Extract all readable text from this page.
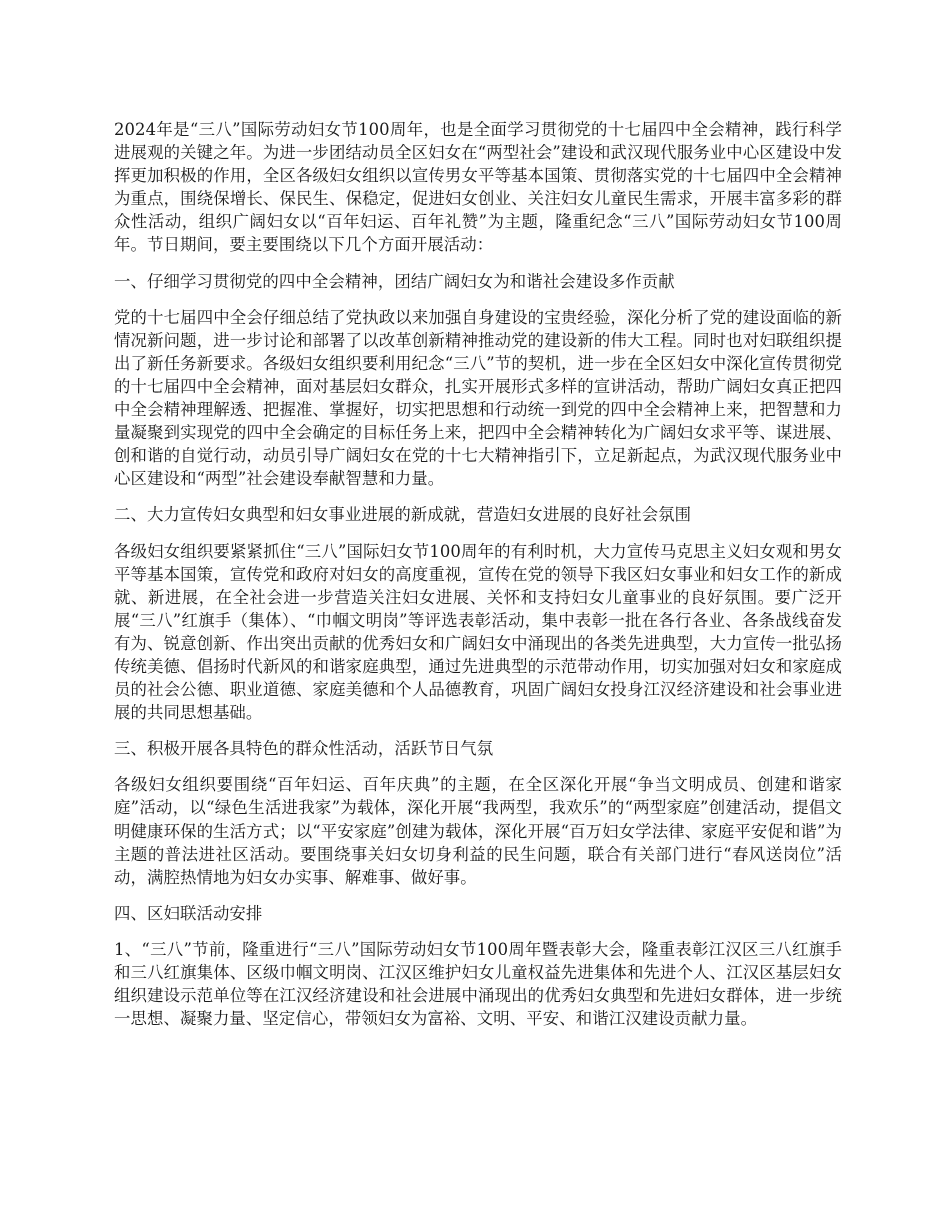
2024年是“三八”国际劳动妇女节100周年，也是全面学习贯彻党的十七届四中全会精神，践行科学进展观的关键之年。为进一步团结动员全区妇女在“两型社会”建设和武汉现代服务业中心区建设中发挥更加积极的作用，全区各级妇女组织以宣传男女平等基本国策、贯彻落实党的十七届四中全会精神为重点，围绕保增长、保民生、保稳定，促进妇女创业、关注妇女儿童民生需求，开展丰富多彩的群众性活动，组织广阔妇女以“百年妇运、百年礼赞”为主题，隆重纪念“三八”国际劳动妇女节100周年。节日期间，要主要围绕以下几个方面开展活动：

一、仔细学习贯彻党的四中全会精神，团结广阔妇女为和谐社会建设多作贡献

党的十七届四中全会仔细总结了党执政以来加强自身建设的宝贵经验，深化分析了党的建设面临的新情况新问题，进一步讨论和部署了以改革创新精神推动党的建设新的伟大工程。同时也对妇联组织提出了新任务新要求。各级妇女组织要利用纪念“三八”节的契机，进一步在全区妇女中深化宣传贯彻党的十七届四中全会精神，面对基层妇女群众，扎实开展形式多样的宣讲活动，帮助广阔妇女真正把四中全会精神理解透、把握准、掌握好，切实把思想和行动统一到党的四中全会精神上来，把智慧和力量凝聚到实现党的四中全会确定的目标任务上来，把四中全会精神转化为广阔妇女求平等、谋进展、创和谐的自觉行动，动员引导广阔妇女在党的十七大精神指引下，立足新起点，为武汉现代服务业中心区建设和“两型”社会建设奉献智慧和力量。

二、大力宣传妇女典型和妇女事业进展的新成就，营造妇女进展的良好社会氛围

各级妇女组织要紧紧抓住“三八”国际妇女节100周年的有利时机，大力宣传马克思主义妇女观和男女平等基本国策，宣传党和政府对妇女的高度重视，宣传在党的领导下我区妇女事业和妇女工作的新成就、新进展，在全社会进一步营造关注妇女进展、关怀和支持妇女儿童事业的良好氛围。要广泛开展“三八”红旗手（集体）、“巾帼文明岗”等评选表彰活动，集中表彰一批在各行各业、各条战线奋发有为、锐意创新、作出突出贡献的优秀妇女和广阔妇女中涌现出的各类先进典型，大力宣传一批弘扬传统美德、倡扬时代新风的和谐家庭典型，通过先进典型的示范带动作用，切实加强对妇女和家庭成员的社会公德、职业道德、家庭美德和个人品德教育，巩固广阔妇女投身江汉经济建设和社会事业进展的共同思想基础。

三、积极开展各具特色的群众性活动，活跃节日气氛

各级妇女组织要围绕“百年妇运、百年庆典”的主题，在全区深化开展“争当文明成员、创建和谐家庭”活动，以“绿色生活进我家”为载体，深化开展“我两型，我欢乐”的“两型家庭”创建活动，提倡文明健康环保的生活方式；以“平安家庭”创建为载体，深化开展“百万妇女学法律、家庭平安促和谐”为主题的普法进社区活动。要围绕事关妇女切身利益的民生问题，联合有关部门进行“春风送岗位”活动，满腔热情地为妇女办实事、解难事、做好事。

四、区妇联活动安排

1、“三八”节前，隆重进行“三八”国际劳动妇女节100周年暨表彰大会，隆重表彰江汉区三八红旗手和三八红旗集体、区级巾帼文明岗、江汉区维护妇女儿童权益先进集体和先进个人、江汉区基层妇女组织建设示范单位等在江汉经济建设和社会进展中涌现出的优秀妇女典型和先进妇女群体，进一步统一思想、凝聚力量、坚定信心，带领妇女为富裕、文明、平安、和谐江汉建设贡献力量。
